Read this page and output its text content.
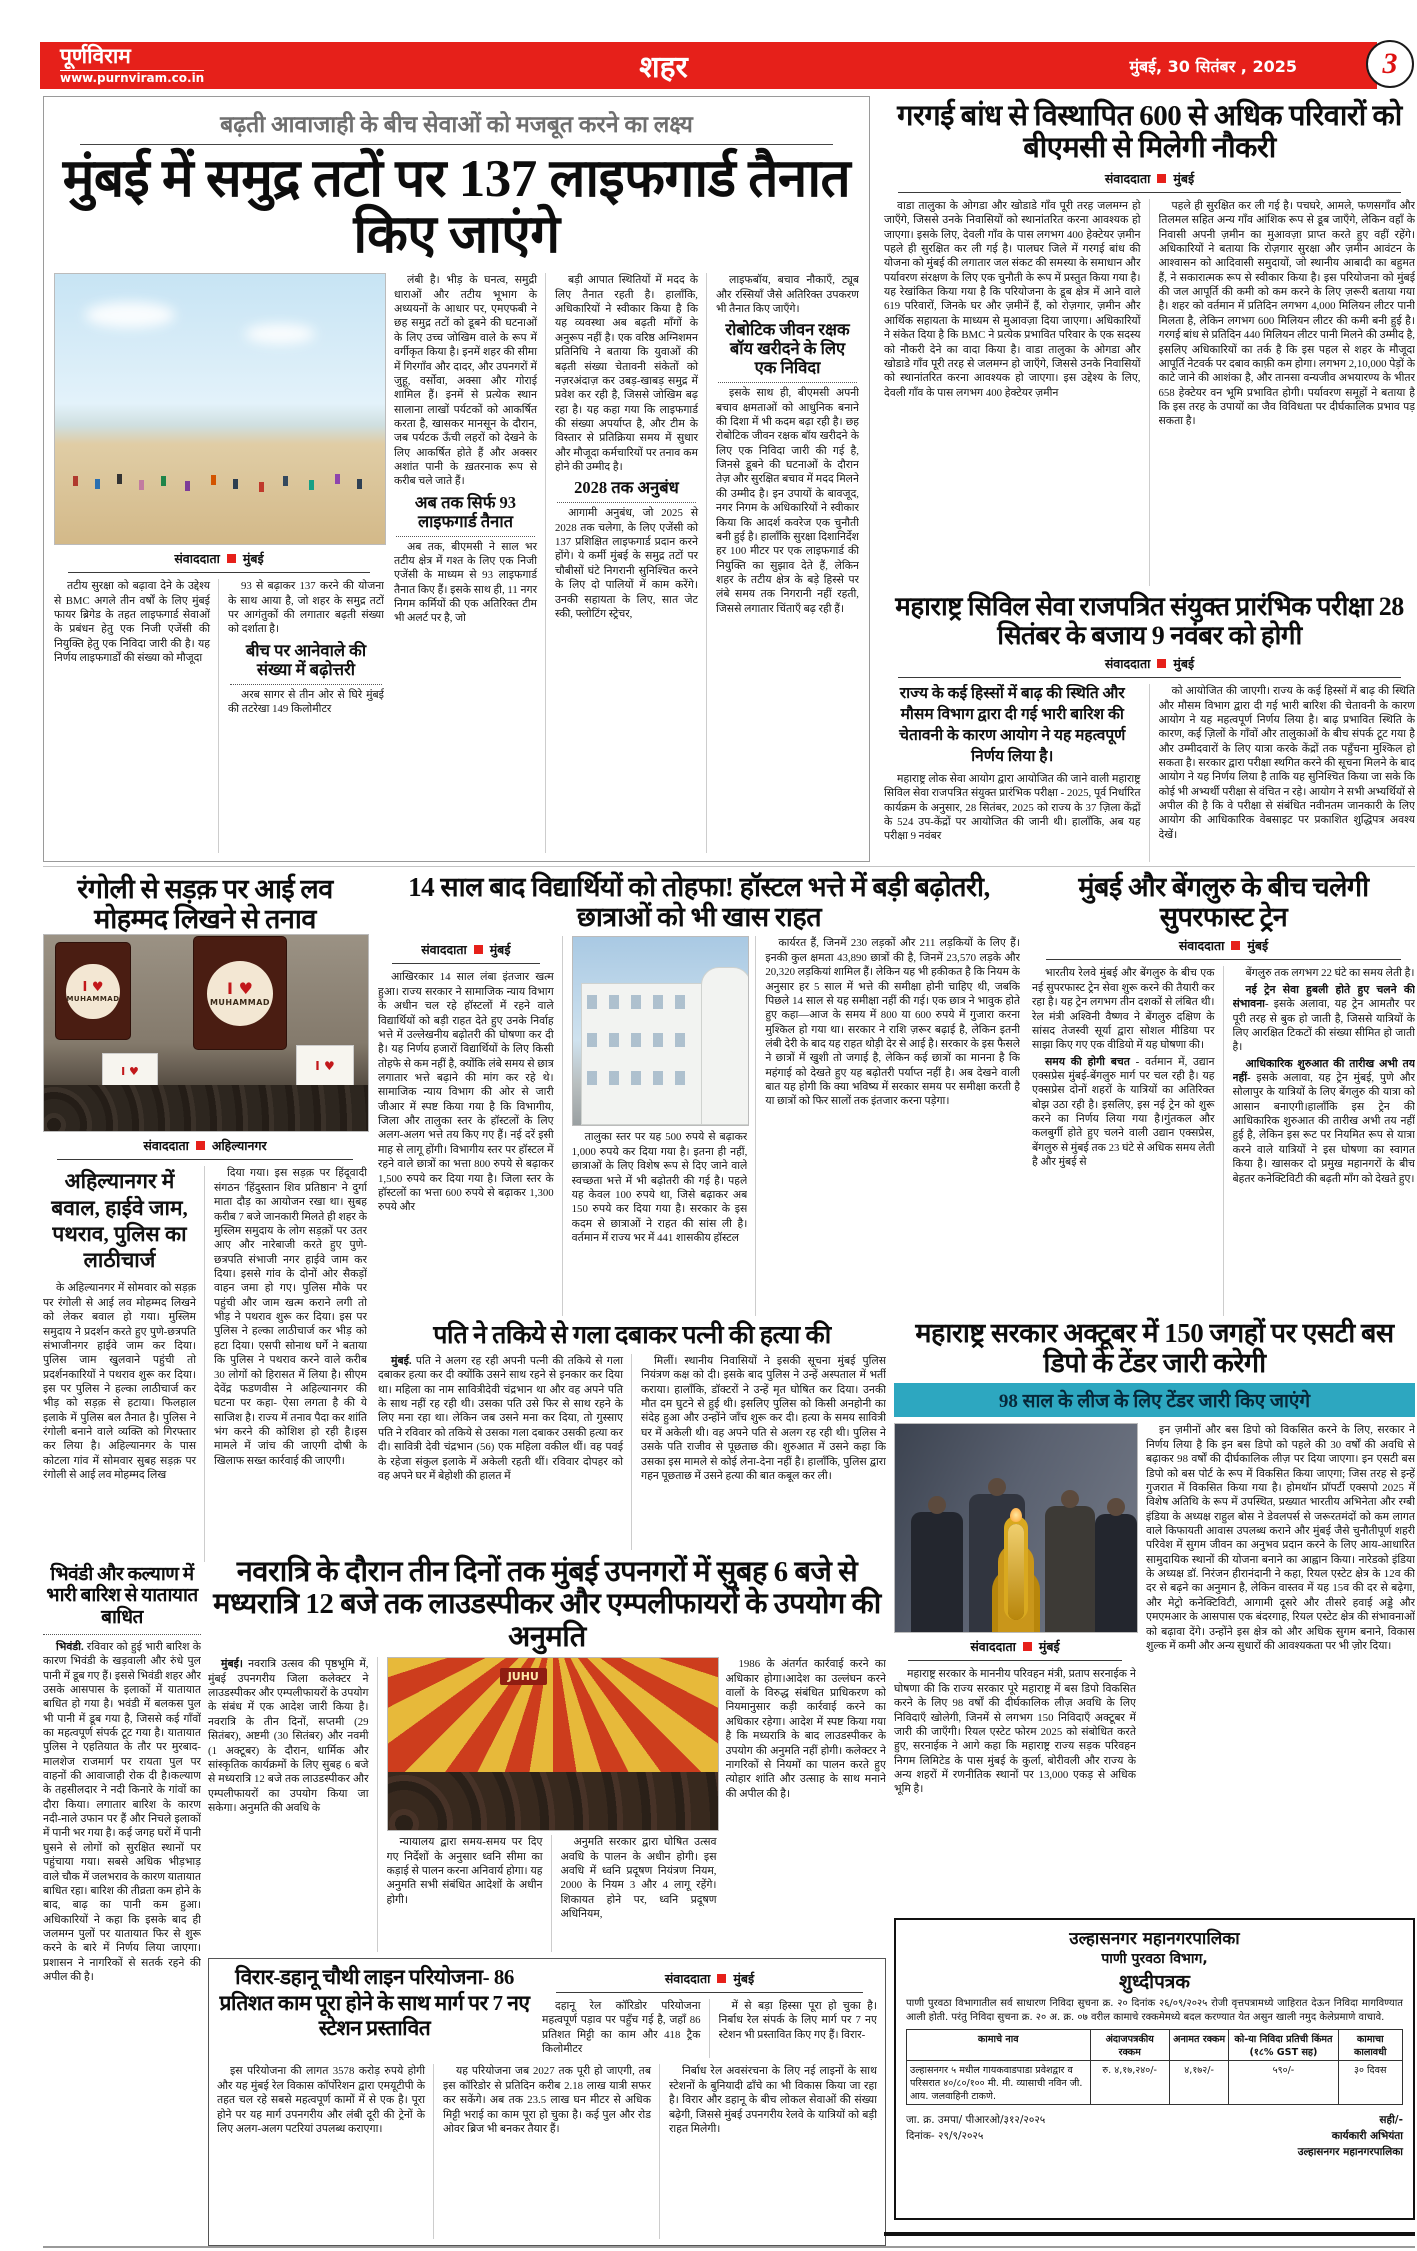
पूर्णविराम
www.purnviram.co.in	शहर	मुंबई, 30 सितंबर , 2025	3
बढ़ती आवाजाही के बीच सेवाओं को मजबूत करने का लक्ष्य
मुंबई में समुद्र तटों पर 137 लाइफगार्ड तैनात किए जाएंगे
संवाददाता मुंबई

तटीय सुरक्षा को बढ़ावा देने के उद्देश्य से BMC अगले तीन वर्षों के लिए मुंबई फायर ब्रिगेड के तहत लाइफगार्ड सेवाओं के प्रबंधन हेतु एक निजी एजेंसी की नियुक्ति हेतु एक निविदा जारी की है। यह निर्णय लाइफगार्डों की संख्या को मौजूदा

93 से बढ़ाकर 137 करने की योजना के साथ आया है, जो शहर के समुद्र तटों पर आगंतुकों की लगातार बढ़ती संख्या को दर्शाता है।

बीच पर आनेवाले की संख्या में बढ़ोत्तरी

अरब सागर से तीन ओर से घिरे मुंबई की तटरेखा 149 किलोमीटर

लंबी है। भीड़ के घनत्व, समुद्री धाराओं और तटीय भूभाग के अध्ययनों के आधार पर, एमएफबी ने छह समुद्र तटों को डूबने की घटनाओं के लिए उच्च जोखिम वाले के रूप में वर्गीकृत किया है। इनमें शहर की सीमा में गिरगाँव और दादर, और उपनगरों में जुहू, वर्सोवा, अक्सा और गोराई शामिल हैं। इनमें से प्रत्येक स्थान सालाना लाखों पर्यटकों को आकर्षित करता है, खासकर मानसून के दौरान, जब पर्यटक ऊँची लहरों को देखने के लिए आकर्षित होते हैं और अक्सर अशांत पानी के ख़तरनाक रूप से करीब चले जाते हैं।

अब तक सिर्फ 93 लाइफगार्ड तैनात

अब तक, बीएमसी ने साल भर तटीय क्षेत्र में गश्त के लिए एक निजी एजेंसी के माध्यम से 93 लाइफगार्ड तैनात किए हैं। इसके साथ ही, 11 नगर निगम कर्मियों की एक अतिरिक्त टीम भी अलर्ट पर है, जो

बड़ी आपात स्थितियों में मदद के लिए तैनात रहती है। हालाँकि, अधिकारियों ने स्वीकार किया है कि यह व्यवस्था अब बढ़ती माँगों के अनुरूप नहीं है। एक वरिष्ठ अग्निशमन प्रतिनिधि ने बताया कि युवाओं की बढ़ती संख्या चेतावनी संकेतों को नज़रअंदाज़ कर उबड़-खाबड़ समुद्र में प्रवेश कर रही है, जिससे जोखिम बढ़ रहा है। यह कहा गया कि लाइफगार्ड की संख्या अपर्याप्त है, और टीम के विस्तार से प्रतिक्रिया समय में सुधार और मौजूदा कर्मचारियों पर तनाव कम होने की उम्मीद है।

2028 तक अनुबंध

आगामी अनुबंध, जो 2025 से 2028 तक चलेगा, के लिए एजेंसी को 137 प्रशिक्षित लाइफगार्ड प्रदान करने होंगे। ये कर्मी मुंबई के समुद्र तटों पर चौबीसों घंटे निगरानी सुनिश्चित करने के लिए दो पालियों में काम करेंगे। उनकी सहायता के लिए, सात जेट स्की, फ्लोटिंग स्ट्रेचर,

लाइफबॉय, बचाव नौकाएँ, ट्यूब और रस्सियाँ जैसे अतिरिक्त उपकरण भी तैनात किए जाएँगे।

रोबोटिक जीवन रक्षक बॉय खरीदने के लिए एक निविदा

इसके साथ ही, बीएमसी अपनी बचाव क्षमताओं को आधुनिक बनाने की दिशा में भी कदम बढ़ा रही है। छह रोबोटिक जीवन रक्षक बॉय खरीदने के लिए एक निविदा जारी की गई है, जिनसे डूबने की घटनाओं के दौरान तेज़ और सुरक्षित बचाव में मदद मिलने की उम्मीद है। इन उपायों के बावजूद, नगर निगम के अधिकारियों ने स्वीकार किया कि आदर्श कवरेज एक चुनौती बनी हुई है। हालाँकि सुरक्षा दिशानिर्देश हर 100 मीटर पर एक लाइफगार्ड की नियुक्ति का सुझाव देते हैं, लेकिन शहर के तटीय क्षेत्र के बड़े हिस्से पर लंबे समय तक निगरानी नहीं रहती, जिससे लगातार चिंताएँ बढ़ रही हैं।

गरगई बांध से विस्थापित 600 से अधिक परिवारों को बीएमसी से मिलेगी नौकरी
संवाददाता मुंबई

वाडा तालुका के ओगडा और खोडाडे गाँव पूरी तरह जलमग्न हो जाएँगे, जिससे उनके निवासियों को स्थानांतरित करना आवश्यक हो जाएगा। इसके लिए, देवली गाँव के पास लगभग 400 हेक्टेयर ज़मीन पहले ही सुरक्षित कर ली गई है। पालघर जिले में गरगई बांध की योजना को मुंबई की लगातार जल संकट की समस्या के समाधान और पर्यावरण संरक्षण के लिए एक चुनौती के रूप में प्रस्तुत किया गया है। यह रेखांकित किया गया है कि परियोजना के डूब क्षेत्र में आने वाले 619 परिवारों, जिनके घर और ज़मीनें हैं, को रोज़गार, ज़मीन और आर्थिक सहायता के माध्यम से मुआवज़ा दिया जाएगा। अधिकारियों ने संकेत दिया है कि BMC ने प्रत्येक प्रभावित परिवार के एक सदस्य को नौकरी देने का वादा किया है। वाडा तालुका के ओगडा और खोडाडे गाँव पूरी तरह से जलमग्न हो जाएँगे, जिससे उनके निवासियों को स्थानांतरित करना आवश्यक हो जाएगा। इस उद्देश्य के लिए, देवली गाँव के पास लगभग 400 हेक्टेयर ज़मीन

पहले ही सुरक्षित कर ली गई है। पचघरे, आमले, फणसगाँव और तिलमल सहित अन्य गाँव आंशिक रूप से डूब जाएँगे, लेकिन वहाँ के निवासी अपनी ज़मीन का मुआवज़ा प्राप्त करते हुए वहीं रहेंगे। अधिकारियों ने बताया कि रोज़गार सुरक्षा और ज़मीन आवंटन के आश्वासन को आदिवासी समुदायों, जो स्थानीय आबादी का बहुमत हैं, ने सकारात्मक रूप से स्वीकार किया है। इस परियोजना को मुंबई की जल आपूर्ति की कमी को कम करने के लिए ज़रूरी बताया गया है। शहर को वर्तमान में प्रतिदिन लगभग 4,000 मिलियन लीटर पानी मिलता है, लेकिन लगभग 600 मिलियन लीटर की कमी बनी हुई है। गरगई बांध से प्रतिदिन 440 मिलियन लीटर पानी मिलने की उम्मीद है, इसलिए अधिकारियों का तर्क है कि इस पहल से शहर के मौजूदा आपूर्ति नेटवर्क पर दबाव काफ़ी कम होगा। लगभग 2,10,000 पेड़ों के काटे जाने की आशंका है, और तानसा वन्यजीव अभयारण्य के भीतर 658 हेक्टेयर वन भूमि प्रभावित होगी। पर्यावरण समूहों ने बताया है कि इस तरह के उपायों का जैव विविधता पर दीर्घकालिक प्रभाव पड़ सकता है।

महाराष्ट्र सिविल सेवा राजपत्रित संयुक्त प्रारंभिक परीक्षा 28 सितंबर के बजाय 9 नवंबर को होगी
संवाददाता मुंबई
राज्य के कई हिस्सों में बाढ़ की स्थिति और मौसम विभाग द्वारा दी गई भारी बारिश की चेतावनी के कारण आयोग ने यह महत्वपूर्ण निर्णय लिया है।

महाराष्ट्र लोक सेवा आयोग द्वारा आयोजित की जाने वाली महाराष्ट्र सिविल सेवा राजपत्रित संयुक्त प्रारंभिक परीक्षा - 2025, पूर्व निर्धारित कार्यक्रम के अनुसार, 28 सितंबर, 2025 को राज्य के 37 ज़िला केंद्रों के 524 उप-केंद्रों पर आयोजित की जानी थी। हालाँकि, अब यह परीक्षा 9 नवंबर

को आयोजित की जाएगी। राज्य के कई हिस्सों में बाढ़ की स्थिति और मौसम विभाग द्वारा दी गई भारी बारिश की चेतावनी के कारण आयोग ने यह महत्वपूर्ण निर्णय लिया है। बाढ़ प्रभावित स्थिति के कारण, कई ज़िलों के गाँवों और तालुकाओं के बीच संपर्क टूट गया है और उम्मीदवारों के लिए यात्रा करके केंद्रों तक पहुँचना मुश्किल हो सकता है। सरकार द्वारा परीक्षा स्थगित करने की सूचना मिलने के बाद आयोग ने यह निर्णय लिया है ताकि यह सुनिश्चित किया जा सके कि कोई भी अभ्यर्थी परीक्षा से वंचित न रहे। आयोग ने सभी अभ्यर्थियों से अपील की है कि वे परीक्षा से संबंधित नवीनतम जानकारी के लिए आयोग की आधिकारिक वेबसाइट पर प्रकाशित शुद्धिपत्र अवश्य देखें।

रंगोली से सड़क़ पर आई लव मोहम्मद लिखने से तनाव
I ♥
MUHAMMAD
I ♥
MUHAMMAD
I ♥	I ♥
संवाददाता अहिल्यानगर
अहिल्यानगर में बवाल, हाईवे जाम, पथराव, पुलिस का लाठीचार्ज

के अहिल्यानगर में सोमवार को सड़क़ पर रंगोली से आई लव मोहम्मद लिखने को लेकर बवाल हो गया। मुस्लिम समुदाय ने प्रदर्शन करते हुए पुणे-छत्रपति संभाजीनगर हाईवे जाम कर दिया। पुलिस जाम खुलवाने पहुंची तो प्रदर्शनकारियों ने पथराव शुरू कर दिया। इस पर पुलिस ने हल्का लाठीचार्ज कर भीड़ को सड़क़ से हटाया। फिलहाल इलाके में पुलिस बल तैनात है। पुलिस ने रंगोली बनाने वाले व्यक्ति को गिरफ्तार कर लिया है। अहिल्यानगर के पास कोटला गांव में सोमवार सुबह सड़क़ पर रंगोली से आई लव मोहम्मद लिख

दिया गया। इस सड़क़ पर हिंदूवादी संगठन 'हिंदुस्तान शिव प्रतिष्ठान' ने दुर्गा माता दौड़ का आयोजन रखा था। सुबह करीब 7 बजे जानकारी मिलते ही शहर के मुस्लिम समुदाय के लोग सड़क़ों पर उतर आए और नारेबाजी करते हुए पुणे-छत्रपति संभाजी नगर हाईवे जाम कर दिया। इससे गांव के दोनों ओर सैकड़ों वाहन जमा हो गए। पुलिस मौके पर पहुंची और जाम खत्म कराने लगी तो भीड़ ने पथराव शुरू कर दिया। इस पर पुलिस ने हल्का लाठीचार्ज कर भीड़ को हटा दिया। एसपी सोनाथ घर्गे ने बताया कि पुलिस ने पथराव करने वाले करीब 30 लोगों को हिरासत में लिया है। सीएम देवेंद्र फडणवीस ने अहिल्यानगर की घटना पर कहा- ऐसा लगता है की ये साजिश है। राज्य में तनाव पैदा कर शांति भंग करने की कोशिश हो रही है।इस मामले में जांच की जाएगी दोषी के खिलाफ सख्त कार्रवाई की जाएगी।

14 साल बाद विद्यार्थियों को तोहफा! हॉस्टल भत्ते में बड़ी बढ़ोतरी, छात्राओं को भी खास राहत
संवाददाता मुंबई

आखिरकार 14 साल लंबा इंतजार खत्म हुआ। राज्य सरकार ने सामाजिक न्याय विभाग के अधीन चल रहे हॉस्टलों में रहने वाले विद्यार्थियों को बड़ी राहत देते हुए उनके निर्वाह भत्ते में उल्लेखनीय बढ़ोतरी की घोषणा कर दी है। यह निर्णय हजारों विद्यार्थियों के लिए किसी तोहफे से कम नहीं है, क्योंकि लंबे समय से छात्र लगातार भत्ते बढ़ाने की मांग कर रहे थे। सामाजिक न्याय विभाग की ओर से जारी जीआर में स्पष्ट किया गया है कि विभागीय, जिला और तालुका स्तर के हॉस्टलों के लिए अलग-अलग भत्ते तय किए गए हैं। नई दरें इसी माह से लागू होंगी। विभागीय स्तर पर हॉस्टल में रहने वाले छात्रों का भत्ता 800 रुपये से बढ़ाकर 1,500 रुपये कर दिया गया है। जिला स्तर के हॉस्टलों का भत्ता 600 रुपये से बढ़ाकर 1,300 रुपये और

तालुका स्तर पर यह 500 रुपये से बढ़ाकर 1,000 रुपये कर दिया गया है। इतना ही नहीं, छात्राओं के लिए विशेष रूप से दिए जाने वाले स्वच्छता भत्ते में भी बढ़ोतरी की गई है। पहले यह केवल 100 रुपये था, जिसे बढ़ाकर अब 150 रुपये कर दिया गया है। सरकार के इस कदम से छात्राओं ने राहत की सांस ली है। वर्तमान में राज्य भर में 441 शासकीय हॉस्टल

कार्यरत हैं, जिनमें 230 लड़कों और 211 लड़कियों के लिए हैं। इनकी कुल क्षमता 43,890 छात्रों की है, जिनमें 23,570 लड़के और 20,320 लड़कियां शामिल हैं। लेकिन यह भी हकीकत है कि नियम के अनुसार हर 5 साल में भत्ते की समीक्षा होनी चाहिए थी, जबकि पिछले 14 साल से यह समीक्षा नहीं की गई। एक छात्र ने भावुक होते हुए कहा—आज के समय में 800 या 600 रुपये में गुजारा करना मुश्किल हो गया था। सरकार ने राशि ज़रूर बढ़ाई है, लेकिन इतनी लंबी देरी के बाद यह राहत थोड़ी देर से आई है। सरकार के इस फैसले ने छात्रों में खुशी तो जगाई है, लेकिन कई छात्रों का मानना है कि महंगाई को देखते हुए यह बढ़ोतरी पर्याप्त नहीं है। अब देखने वाली बात यह होगी कि क्या भविष्य में सरकार समय पर समीक्षा करती है या छात्रों को फिर सालों तक इंतजार करना पड़ेगा।

मुंबई और बेंगलुरु के बीच चलेगी सुपरफास्ट ट्रेन
संवाददाता मुंबई

भारतीय रेलवे मुंबई और बेंगलुरु के बीच एक नई सुपरफास्ट ट्रेन सेवा शुरू करने की तैयारी कर रहा है। यह ट्रेन लगभग तीन दशकों से लंबित थी।रेल मंत्री अश्विनी वैष्णव ने बेंगलुरु दक्षिण के सांसद तेजस्वी सूर्या द्वारा सोशल मीडिया पर साझा किए गए एक वीडियो में यह घोषणा की।

समय की होगी बचत - वर्तमान में, उद्यान एक्सप्रेस मुंबई-बेंगलुरु मार्ग पर चल रही है। यह एक्सप्रेस दोनों शहरों के यात्रियों का अतिरिक्त बोझ उठा रही है। इसलिए, इस नई ट्रेन को शुरू करने का निर्णय लिया गया है।गुंतकल और कलबुर्गी होते हुए चलने वाली उद्यान एक्सप्रेस, बेंगलुरु से मुंबई तक 23 घंटे से अधिक समय लेती है और मुंबई से

बेंगलुरु तक लगभग 22 घंटे का समय लेती है।

नई ट्रेन सेवा हुबली होते हुए चलने की संभावना- इसके अलावा, यह ट्रेन आमतौर पर पूरी तरह से बुक हो जाती है, जिससे यात्रियों के लिए आरक्षित टिकटों की संख्या सीमित हो जाती है।

आधिकारिक शुरुआत की तारीख अभी तय नहीं- इसके अलावा, यह ट्रेन मुंबई, पुणे और सोलापुर के यात्रियों के लिए बेंगलुरु की यात्रा को आसान बनाएगी।हालाँकि इस ट्रेन की आधिकारिक शुरुआत की तारीख अभी तय नहीं हुई है, लेकिन इस रूट पर नियमित रूप से यात्रा करने वाले यात्रियों ने इस घोषणा का स्वागत किया है। खासकर दो प्रमुख महानगरों के बीच बेहतर कनेक्टिविटी की बढ़ती माँग को देखते हुए।

पति ने तकिये से गला दबाकर पत्नी की हत्या की

मुंबई. पति ने अलग रह रही अपनी पत्नी की तकिये से गला दबाकर हत्या कर दी क्योंकि उसने साथ रहने से इनकार कर दिया था। महिला का नाम सावित्रीदेवी चंद्रभान था और वह अपने पति के साथ नहीं रह रही थी। उसका पति उसे फिर से साथ रहने के लिए मना रहा था। लेकिन जब उसने मना कर दिया, तो गुस्साए पति ने रविवार को तकिये से उसका गला दबाकर उसकी हत्या कर दी। सावित्री देवी चंद्रभान (56) एक महिला वकील थीं। वह पवई के रहेजा संकुल इलाके में अकेली रहती थीं। रविवार दोपहर को वह अपने घर में बेहोशी की हालत में

मिलीं। स्थानीय निवासियों ने इसकी सूचना मुंबई पुलिस नियंत्रण कक्ष को दी। इसके बाद पुलिस ने उन्हें अस्पताल में भर्ती कराया। हालाँकि, डॉक्टरों ने उन्हें मृत घोषित कर दिया। उनकी मौत दम घुटने से हुई थी। इसलिए पुलिस को किसी अनहोनी का संदेह हुआ और उन्होंने जाँच शुरू कर दी। हत्या के समय सावित्री घर में अकेली थी। वह अपने पति से अलग रह रही थी। पुलिस ने उसके पति राजीव से पूछताछ की। शुरुआत में उसने कहा कि उसका इस मामले से कोई लेना-देना नहीं है। हालाँकि, पुलिस द्वारा गहन पूछताछ में उसने हत्या की बात कबूल कर ली।

भिवंडी और कल्याण में भारी बारिश से यातायात बाधित

भिवंडी. रविवार को हुई भारी बारिश के कारण भिवंडी के खड़वाली और रुंधे पुल पानी में डूब गए हैं। इससे भिवंडी शहर और उसके आसपास के इलाकों में यातायात बाधित हो गया है। भवंडी में बलकस पुल भी पानी में डूब गया है, जिससे कई गाँवों का महत्वपूर्ण संपर्क टूट गया है। यातायात पुलिस ने एहतियात के तौर पर मुरबाद-मालशेज राजमार्ग पर रायता पुल पर वाहनों की आवाजाही रोक दी है।कल्याण के तहसीलदार ने नदी किनारे के गांवों का दौरा किया। लगातार बारिश के कारण नदी-नाले उफान पर हैं और निचले इलाकों में पानी भर गया है। कई जगह घरों में पानी घुसने से लोगों को सुरक्षित स्थानों पर पहुंचाया गया। सबसे अधिक भीड़भाड़ वाले चौक में जलभराव के कारण यातायात बाधित रहा। बारिश की तीव्रता कम होने के बाद, बाढ़ का पानी कम हुआ। अधिकारियों ने कहा कि इसके बाद ही जलमग्न पुलों पर यातायात फिर से शुरू करने के बारे में निर्णय लिया जाएगा। प्रशासन ने नागरिकों से सतर्क रहने की अपील की है।

नवरात्रि के दौरान तीन दिनों तक मुंबई उपनगरों में सुबह 6 बजे से मध्यरात्रि 12 बजे तक लाउडस्पीकर और एम्पलीफायरों के उपयोग की अनुमति

मुंबई। नवरात्रि उत्सव की पृष्ठभूमि में, मुंबई उपनगरीय जिला कलेक्टर ने लाउडस्पीकर और एम्पलीफायरों के उपयोग के संबंध में एक आदेश जारी किया है। नवरात्रि के तीन दिनों, सप्तमी (29 सितंबर), अष्टमी (30 सितंबर) और नवमी (1 अक्टूबर) के दौरान, धार्मिक और सांस्कृतिक कार्यक्रमों के लिए सुबह 6 बजे से मध्यरात्रि 12 बजे तक लाउडस्पीकर और एम्पलीफायरों का उपयोग किया जा सकेगा। अनुमति की अवधि के

JUHU

न्यायालय द्वारा समय-समय पर दिए गए निर्देशों के अनुसार ध्वनि सीमा का कड़ाई से पालन करना अनिवार्य होगा। यह अनुमति सभी संबंधित आदेशों के अधीन होगी।

अनुमति सरकार द्वारा घोषित उत्सव अवधि के पालन के अधीन होगी। इस अवधि में ध्वनि प्रदूषण नियंत्रण नियम, 2000 के नियम 3 और 4 लागू रहेंगे। शिकायत होने पर, ध्वनि प्रदूषण अधिनियम,

1986 के अंतर्गत कार्रवाई करने का अधिकार होगा।आदेश का उल्लंघन करने वालों के विरुद्ध संबंधित प्राधिकरण को नियमानुसार कड़ी कार्रवाई करने का अधिकार रहेगा। आदेश में स्पष्ट किया गया है कि मध्यरात्रि के बाद लाउडस्पीकर के उपयोग की अनुमति नहीं होगी। कलेक्टर ने नागरिकों से नियमों का पालन करते हुए त्योहार शांति और उत्साह के साथ मनाने की अपील की है।

विरार-डहानू चौथी लाइन परियोजना- 86 प्रतिशत काम पूरा होने के साथ मार्ग पर 7 नए स्टेशन प्रस्तावित
संवाददाता मुंबई

दहानू रेल कॉरिडोर परियोजना महत्वपूर्ण पड़ाव पर पहुँच गई है, जहाँ 86 प्रतिशत मिट्टी का काम और 418 ट्रैक किलोमीटर

में से बड़ा हिस्सा पूरा हो चुका है। निर्बाध रेल संपर्क के लिए मार्ग पर 7 नए स्टेशन भी प्रस्तावित किए गए हैं। विरार-

इस परियोजना की लागत 3578 करोड़ रुपये होगी और यह मुंबई रेल विकास कॉर्पोरेशन द्वारा एमयूटीपी के तहत चल रहे सबसे महत्वपूर्ण कामों में से एक है। पूरा होने पर यह मार्ग उपनगरीय और लंबी दूरी की ट्रेनों के लिए अलग-अलग पटरियां उपलब्ध कराएगा।

यह परियोजना जब 2027 तक पूरी हो जाएगी, तब इस कॉरिडोर से प्रतिदिन करीब 2.18 लाख यात्री सफर कर सकेंगे। अब तक 23.5 लाख घन मीटर से अधिक मिट्टी भराई का काम पूरा हो चुका है। कई पुल और रोड ओवर ब्रिज भी बनकर तैयार हैं।

निर्बाध रेल अवसंरचना के लिए नई लाइनों के साथ स्टेशनों के बुनियादी ढाँचे का भी विकास किया जा रहा है। विरार और डहानू के बीच लोकल सेवाओं की संख्या बढ़ेगी, जिससे मुंबई उपनगरीय रेलवे के यात्रियों को बड़ी राहत मिलेगी।

महाराष्ट्र सरकार अक्टूबर में 150 जगहों पर एसटी बस डिपो के टेंडर जारी करेगी
98 साल के लीज के लिए टेंडर जारी किए जाएंगे
संवाददाता मुंबई

महाराष्ट्र सरकार के माननीय परिवहन मंत्री, प्रताप सरनाईक ने घोषणा की कि राज्य सरकार पूरे महाराष्ट्र में बस डिपो विकसित करने के लिए 98 वर्षों की दीर्घकालिक लीज़ अवधि के लिए निविदाएँ खोलेगी, जिनमें से लगभग 150 निविदाएँ अक्टूबर में जारी की जाएँगी। रियल एस्टेट फोरम 2025 को संबोधित करते हुए, सरनाईक ने आगे कहा कि महाराष्ट्र राज्य सड़क परिवहन निगम लिमिटेड के पास मुंबई के कुर्ला, बोरीवली और राज्य के अन्य शहरों में रणनीतिक स्थानों पर 13,000 एकड़ से अधिक भूमि है।

इन ज़मीनों और बस डिपो को विकसित करने के लिए, सरकार ने निर्णय लिया है कि इन बस डिपो को पहले की 30 वर्षों की अवधि से बढ़ाकर 98 वर्षों की दीर्घकालिक लीज़ पर दिया जाएगा। इन एसटी बस डिपो को बस पोर्ट के रूप में विकसित किया जाएगा; जिस तरह से इन्हें गुजरात में विकसित किया गया है। होमथॉन प्रॉपर्टी एक्सपो 2025 में विशेष अतिथि के रूप में उपस्थित, प्रख्यात भारतीय अभिनेता और रग्बी इंडिया के अध्यक्ष राहुल बोस ने डेवलपर्स से जरूरतमंदों को कम लागत वाले किफायती आवास उपलब्ध कराने और मुंबई जैसे चुनौतीपूर्ण शहरी परिवेश में सुगम जीवन का अनुभव प्रदान करने के लिए आय-आधारित सामुदायिक स्थानों की योजना बनाने का आह्वान किया। नारेडको इंडिया के अध्यक्ष डॉ. निरंजन हीरानंदानी ने कहा, रियल एस्टेट क्षेत्र के 12व की दर से बढ़ने का अनुमान है, लेकिन वास्तव में यह 15व की दर से बढ़ेगा, और मेट्रो कनेक्टिविटी, आगामी दूसरे और तीसरे हवाई अड्डे और एमएमआर के आसपास एक बंदरगाह, रियल एस्टेट क्षेत्र की संभावनाओं को बढ़ावा देंगे। उन्होंने इस क्षेत्र को और अधिक सुगम बनाने, विकास शुल्क में कमी और अन्य सुधारों की आवश्यकता पर भी ज़ोर दिया।

उल्हासनगर महानगरपालिका
पाणी पुरवठा विभाग,
शुध्दीपत्रक
पाणी पुरवठा विभागातील सर्व साधारण निविदा सुचना क्र. २० दिनांक २६/०९/२०२५ रोजी वृत्तपत्रामध्ये जाहिरात देऊन निविदा मागविण्यात आली होती. परंतु निविदा सुचना क्र. २० अ. क्र. ०७ वरील कामाचे रक्कमेमध्ये बदल करण्यात येत असुन खाली नमुद केलेप्रमाणे वाचावे.
कामाचे नाव	अंदाजपत्रकीय रक्कम	अनामत रक्कम	को-या निविदा प्रतिची किंमत (१८% GST सह)	कामाचा कालावधी
उल्हासनगर ५ मधील गायकवाडपाडा प्रवेशद्वार व परिसरात ४०/८०/१०० मी. मी. व्यासाची नविन जी. आय. जलवाहिनी टाकणे.	रु. ४,१७,२४०/-	४,१७२/-	५९०/-	३० दिवस
जा. क्र. उमपा/ पीआरओ/३१२/२०२५
दिनांक- २९/९/२०२५
सही/-
कार्यकारी अभियंता
उल्हासनगर महानगरपालिका
